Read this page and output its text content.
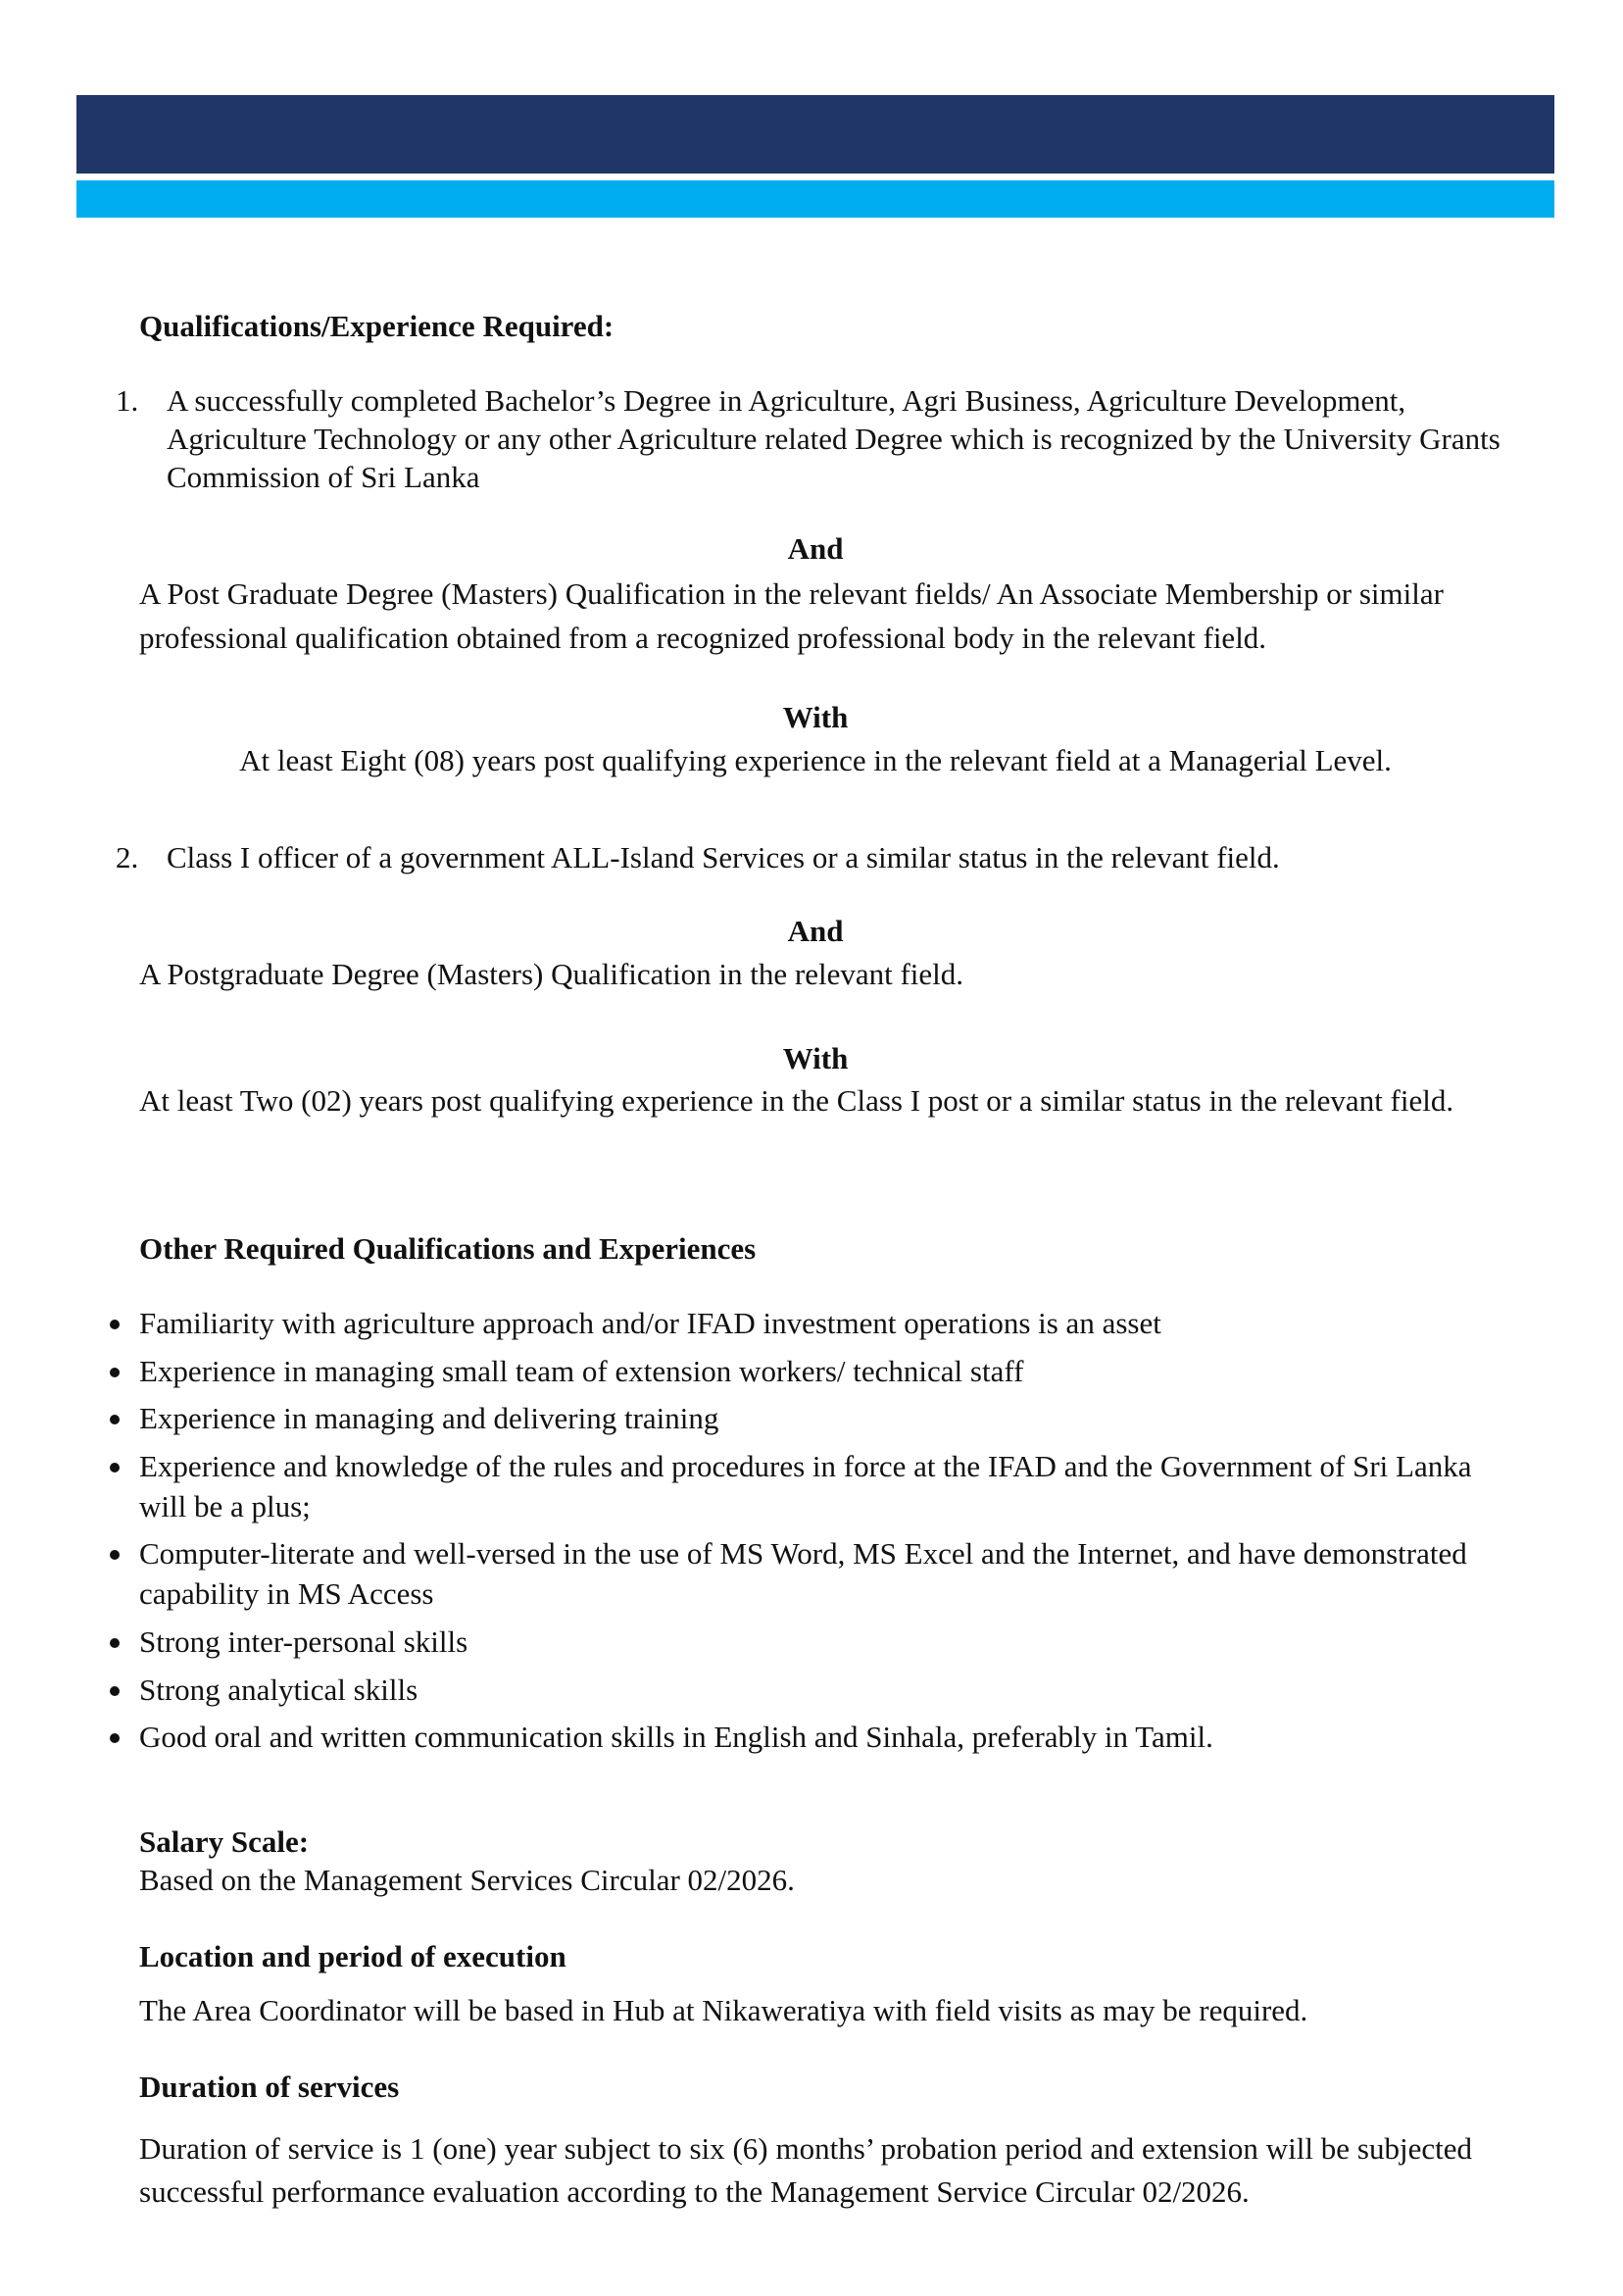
Qualifications/Experience Required:

1. A successfully completed Bachelor’s Degree in Agriculture, Agri Business, Agriculture Development, Agriculture Technology or any other Agriculture related Degree which is recognized by the University Grants Commission of Sri Lanka

And

A Post Graduate Degree (Masters) Qualification in the relevant fields/ An Associate Membership or similar professional qualification obtained from a recognized professional body in the relevant field.

With

At least Eight (08) years post qualifying experience in the relevant field at a Managerial Level.

2. Class I officer of a government ALL-Island Services or a similar status in the relevant field.

And

A Postgraduate Degree (Masters) Qualification in the relevant field.

With

At least Two (02) years post qualifying experience in the Class I post or a similar status in the relevant field.

Other Required Qualifications and Experiences

Familiarity with agriculture approach and/or IFAD investment operations is an asset
Experience in managing small team of extension workers/ technical staff
Experience in managing and delivering training
Experience and knowledge of the rules and procedures in force at the IFAD and the Government of Sri Lanka will be a plus;
Computer-literate and well-versed in the use of MS Word, MS Excel and the Internet, and have demonstrated capability in MS Access
Strong inter-personal skills
Strong analytical skills
Good oral and written communication skills in English and Sinhala, preferably in Tamil.

Salary Scale:

Based on the Management Services Circular 02/2026.

Location and period of execution

The Area Coordinator will be based in Hub at Nikaweratiya with field visits as may be required.

Duration of services

Duration of service is 1 (one) year subject to six (6) months’ probation period and extension will be subjected successful performance evaluation according to the Management Service Circular 02/2026.
